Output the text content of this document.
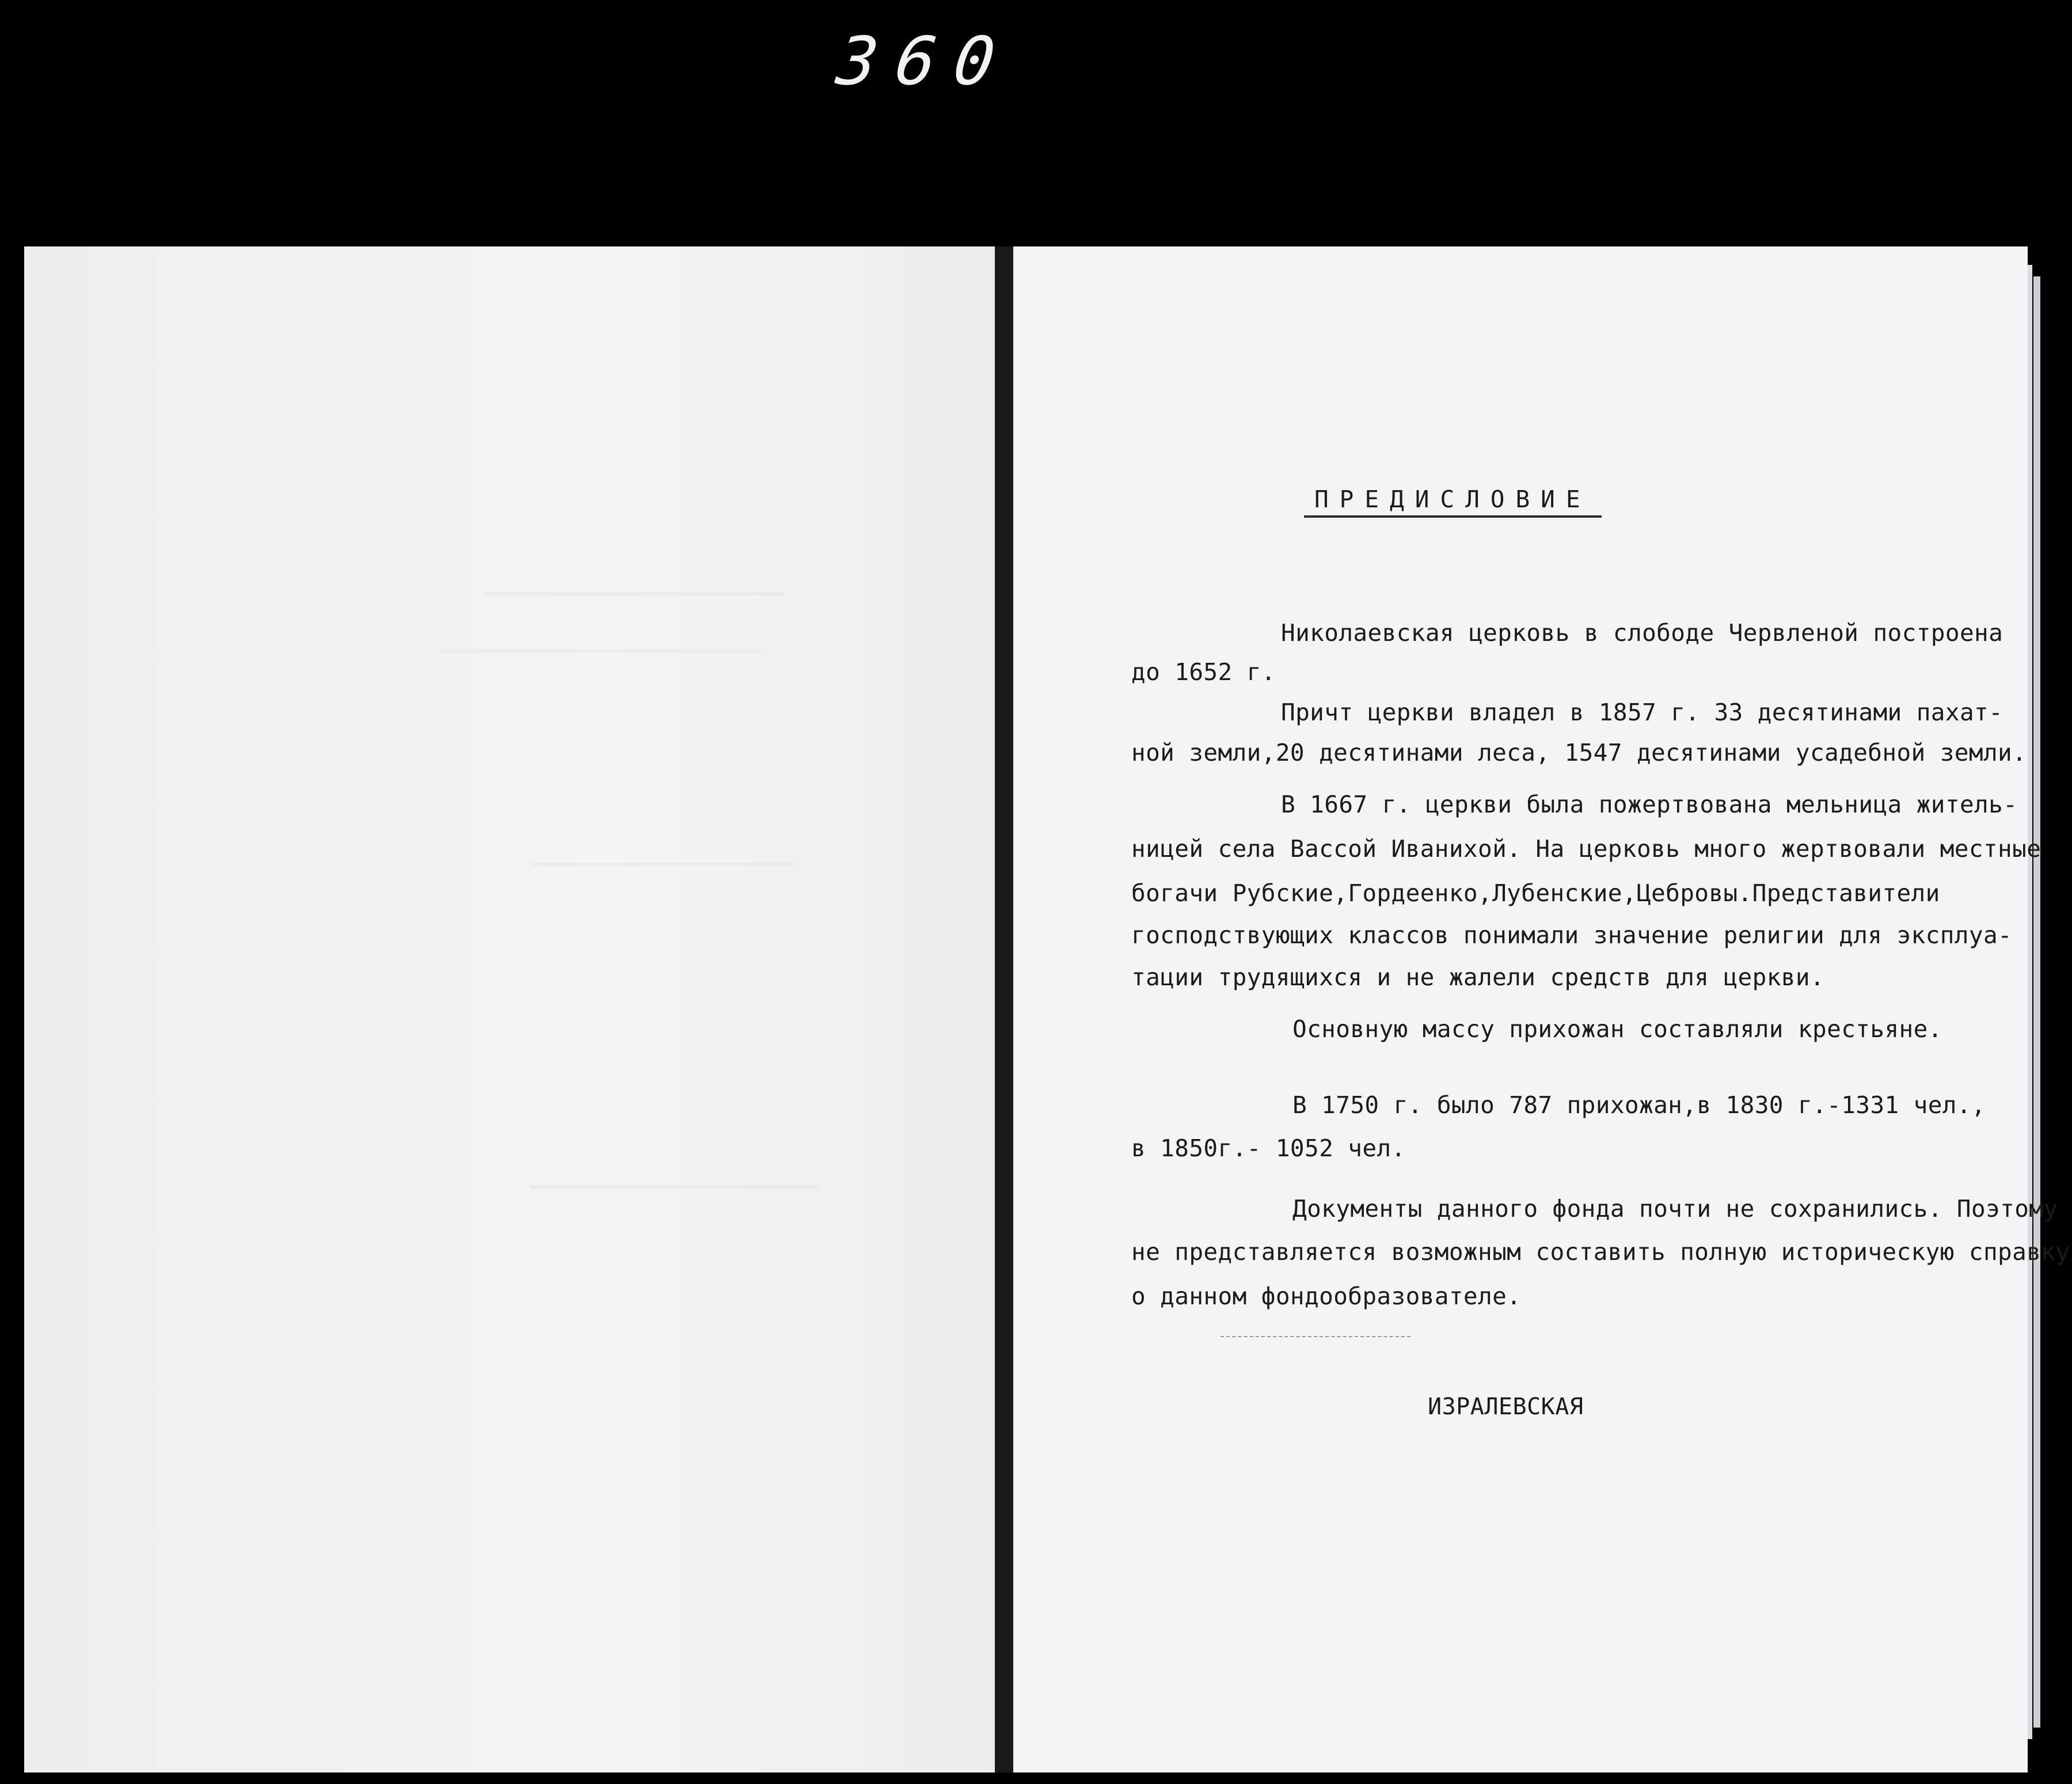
360
ПРЕДИСЛОВИЕ
Николаевская церковь в слободе Червленой построена
до 1652 г.
Причт церкви владел в 1857 г. 33 десятинами пахат-
ной земли,20 десятинами леса, 1547 десятинами усадебной земли.
В 1667 г. церкви была пожертвована мельница житель-
ницей села Вассой Иванихой. На церковь много жертвовали местные
богачи Рубские,Гордеенко,Лубенские,Цебровы.Представители
господствующих классов понимали значение религии для эксплуа-
тации трудящихся и не жалели средств для церкви.
Основную массу прихожан составляли крестьяне.
В 1750 г. было 787 прихожан,в 1830 г.-1331 чел.,
в 1850г.- 1052 чел.
Документы данного фонда почти не сохранились. Поэтому
не представляется возможным составить полную историческую справку
о данном фондообразователе.
ИЗРАЛЕВСКАЯ
